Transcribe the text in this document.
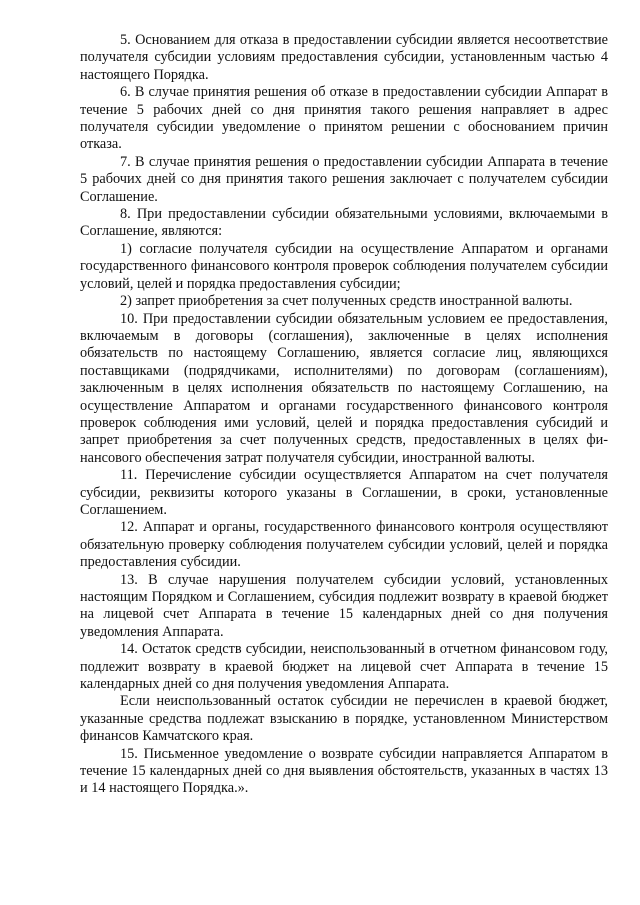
5. Основанием для отказа в предоставлении субсидии является несоответствие получателя субсидии условиям предоставления субсидии, установленным частью 4 настоящего Порядка.

6. В случае принятия решения об отказе в предоставлении субсидии Аппарат в течение 5 рабочих дней со дня принятия такого решения направляет в адрес получателя субсидии уведомление о принятом решении с обоснованием причин отказа.

7. В случае принятия решения о предоставлении субсидии Аппарата в течение 5 рабочих дней со дня принятия такого решения заключает с получателем субсидии Соглашение.

8. При предоставлении субсидии обязательными условиями, включаемыми в Соглашение, являются:

1) согласие получателя субсидии на осуществление Аппаратом и органами государственного финансового контроля проверок соблюдения получателем субсидии условий, целей и порядка предоставления субсидии;

2) запрет приобретения за счет полученных средств иностранной валюты.

10. При предоставлении субсидии обязательным условием ее предоставления, включаемым в договоры (соглашения), заключенные в целях исполнения обязательств по настоящему Соглашению, является согласие лиц, являющихся поставщиками (подрядчиками, исполнителями) по договорам (соглашениям), заключенным в целях исполнения обязательств по настоящему Соглашению, на осуществление Аппаратом и органами государственного финансового контроля проверок соблюдения ими условий, целей и порядка предоставления субсидий и запрет приобретения за счет полученных средств, предоставленных в целях финансового обеспечения затрат получателя субсидии, иностранной валюты.

11. Перечисление субсидии осуществляется Аппаратом на счет получателя субсидии, реквизиты которого указаны в Соглашении, в сроки, установленные Соглашением.

12. Аппарат и органы, государственного финансового контроля осуществляют обязательную проверку соблюдения получателем субсидии условий, целей и порядка предоставления субсидии.

13. В случае нарушения получателем субсидии условий, установленных настоящим Порядком и Соглашением, субсидия подлежит возврату в краевой бюджет на лицевой счет Аппарата в течение 15 календарных дней со дня получения уведомления Аппарата.

14. Остаток средств субсидии, неиспользованный в отчетном финансовом году, подлежит возврату в краевой бюджет на лицевой счет Аппарата в течение 15 календарных дней со дня получения уведомления Аппарата.

Если неиспользованный остаток субсидии не перечислен в краевой бюджет, указанные средства подлежат взысканию в порядке, установленном Министерством финансов Камчатского края.

15. Письменное уведомление о возврате субсидии направляется Аппаратом в течение 15 календарных дней со дня выявления обстоятельств, указанных в частях 13 и 14 настоящего Порядка.».
